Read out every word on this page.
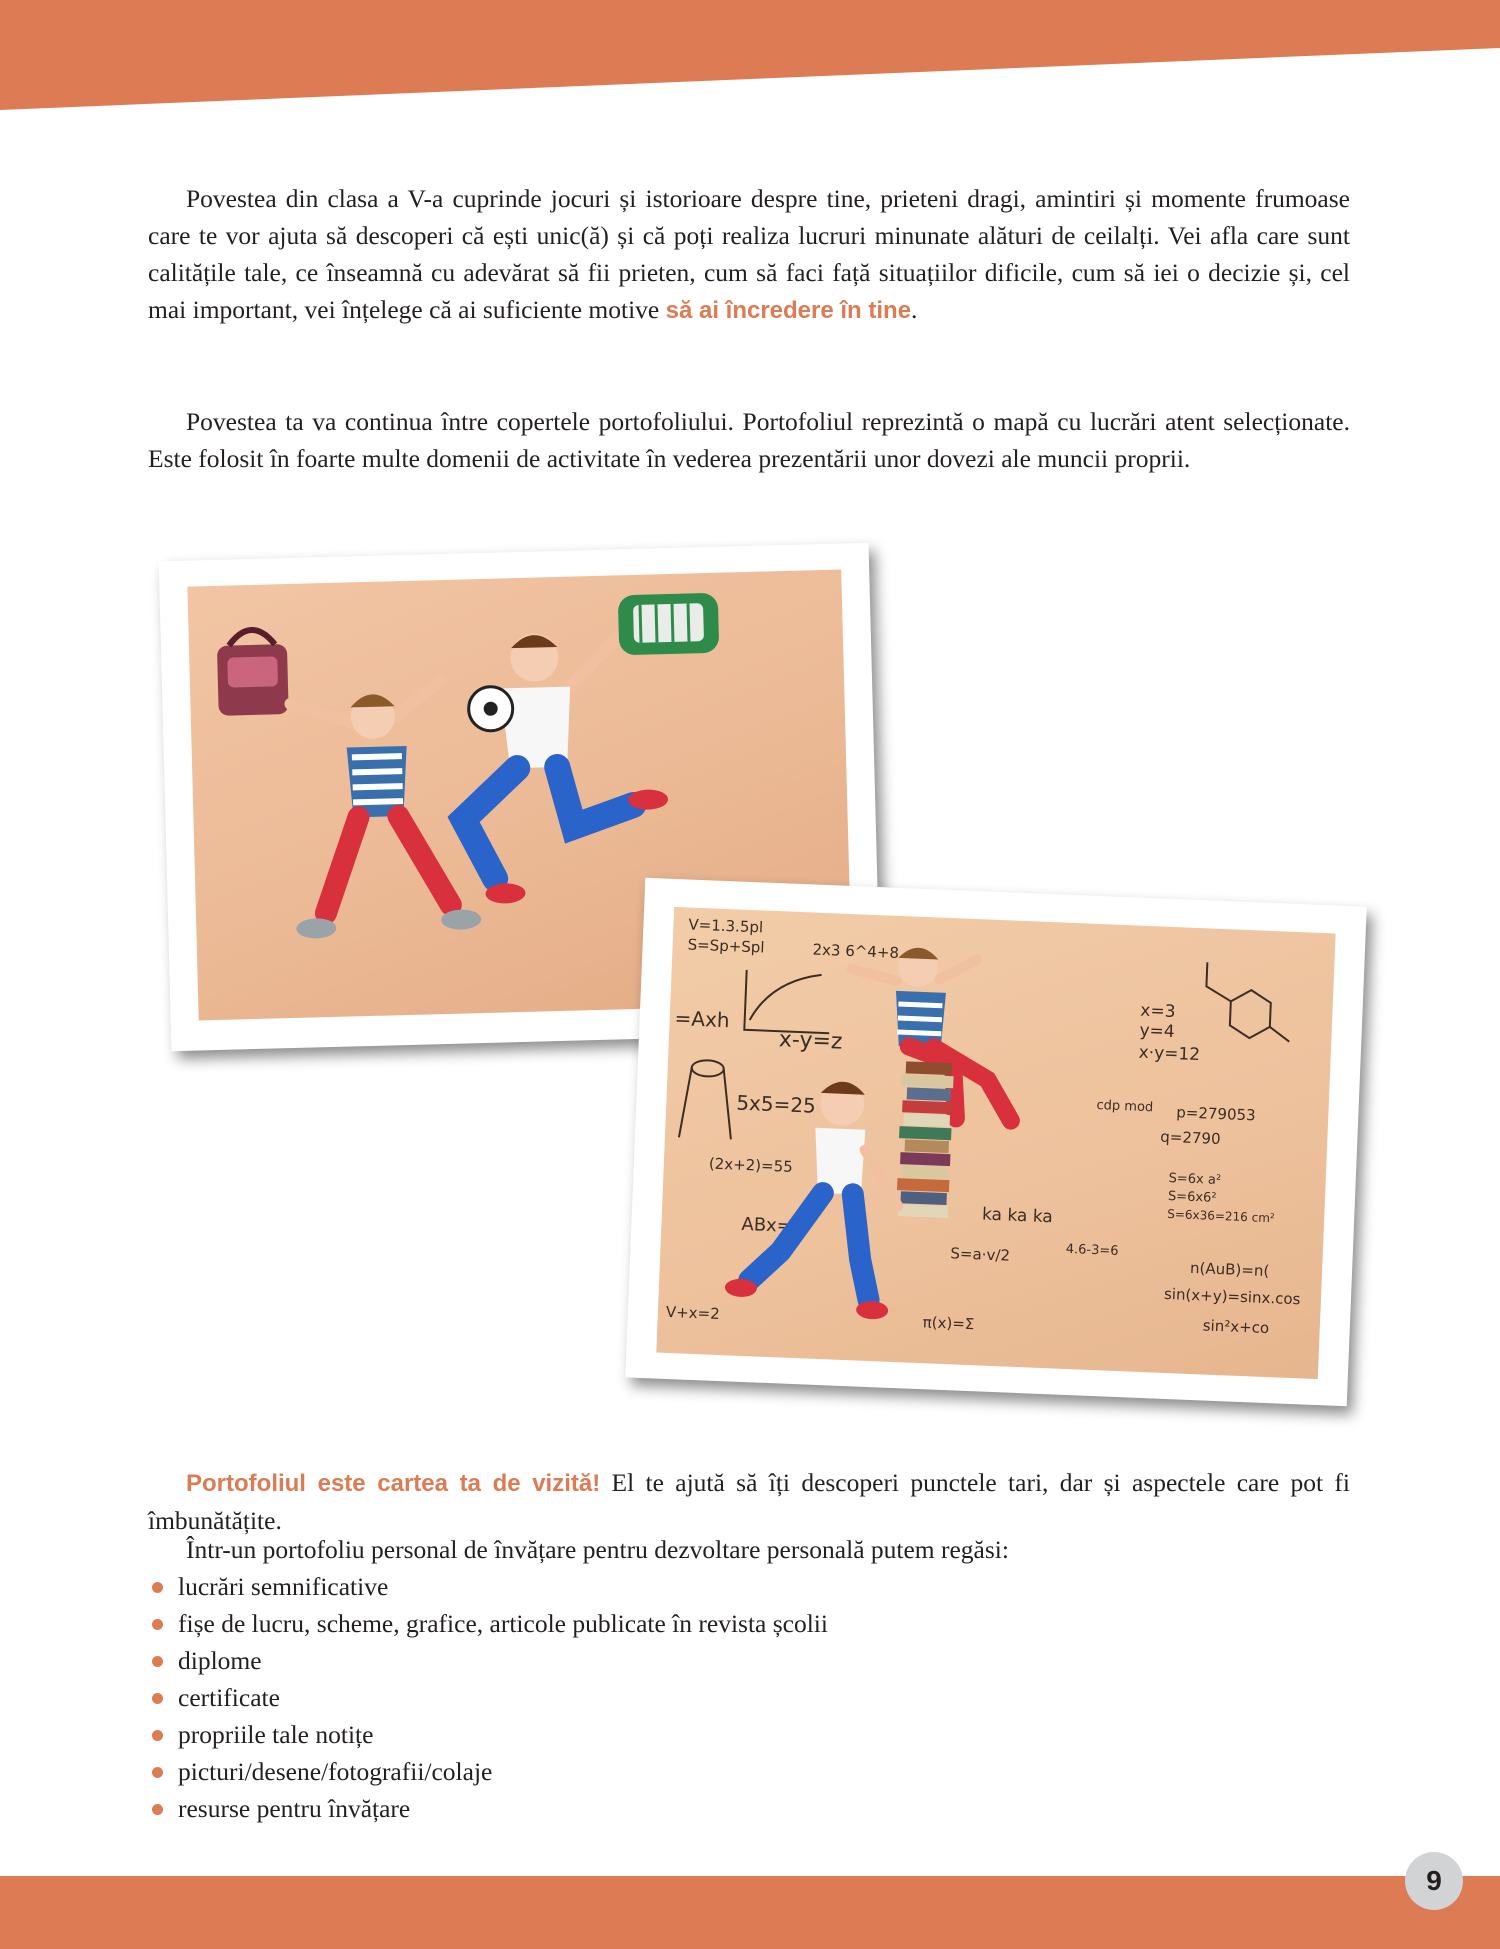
Povestea din clasa a V-a cuprinde jocuri și istorioare despre tine, prieteni dragi, amintiri și momente frumoase care te vor ajuta să descoperi că ești unic(ă) și că poți realiza lucruri minunate alături de ceilalți. Vei afla care sunt calitățile tale, ce înseamnă cu adevărat să fii prieten, cum să faci față situațiilor dificile, cum să iei o decizie și, cel mai important, vei înțelege că ai suficiente motive să ai încredere în tine.

Povestea ta va continua între copertele portofoliului. Portofoliul reprezintă o mapă cu lucrări atent selecționate. Este folosit în foarte multe domenii de activitate în vederea prezentării unor dovezi ale muncii proprii.

V=1.3.5pl
S=Sp+Spl	2x3 6^4+8
x-y=z
=Axh
5x5=25
(2x+2)=55
ABx=0
x=3
y=4
x·y=12
p=279053
q=2790
cdp mod
S=6x a²
S=6x6²
S=6x36=216 cm²
n(AuB)=n(
sin(x+y)=sinx.cos
sin²x+co
π(x)=Σ
S=a·v/2
ka ka ka
4.6-3=6
V+x=2

Portofoliul este cartea ta de vizită! El te ajută să îți descoperi punctele tari, dar și aspectele care pot fi îmbunătățite.

Într-un portofoliu personal de învățare pentru dezvoltare personală putem regăsi:

lucrări semnificative
fișe de lucru, scheme, grafice, articole publicate în revista școlii
diplome
certificate
propriile tale notițe
picturi/desene/fotografii/colaje
resurse pentru învățare
9
